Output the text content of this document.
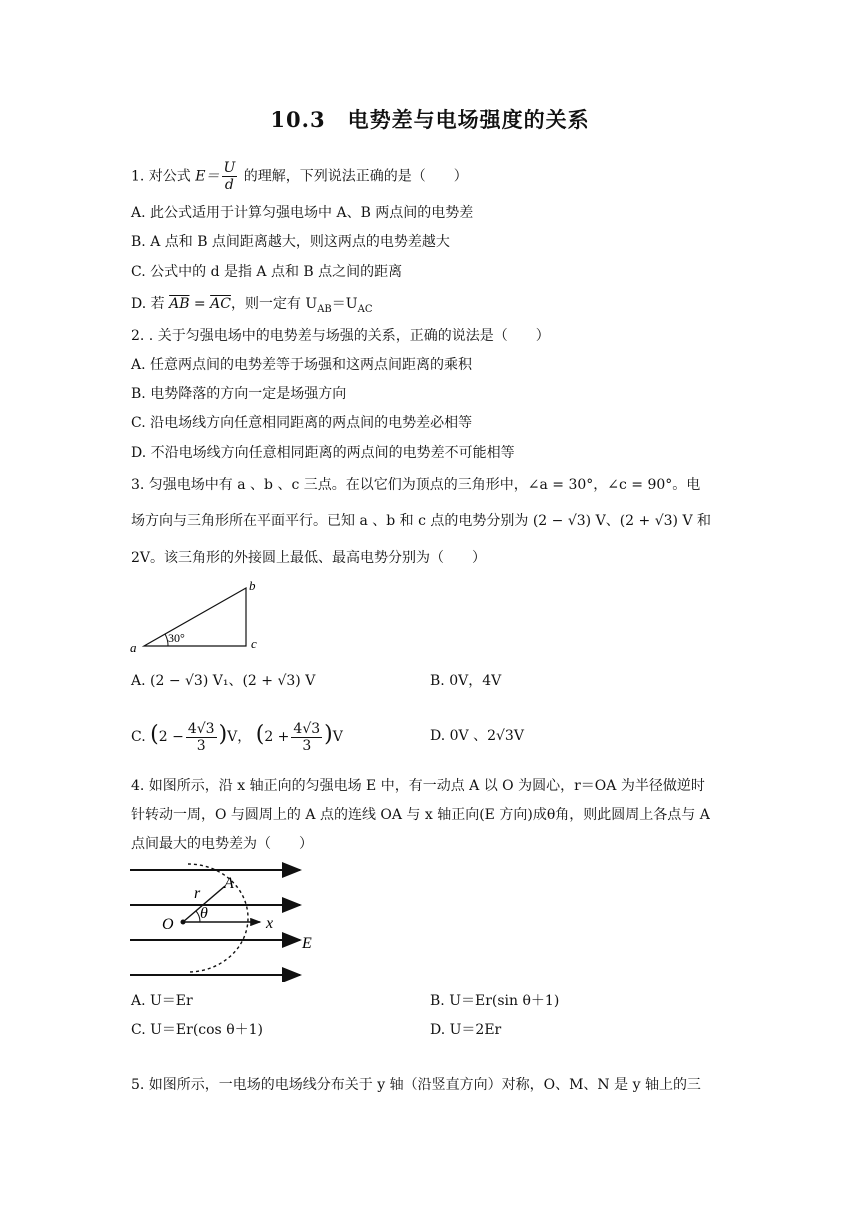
10.3　电势差与电场强度的关系
1. 对公式 $E= \frac{U}{d}$ 的理解，下列说法正确的是（　　）
A. 此公式适用于计算匀强电场中 A、B 两点间的电势差
B. A 点和 B 点间距离越大，则这两点的电势差越大
C. 公式中的 d 是指 A 点和 B 点之间的距离
D. 若 $\overline{AB} = \overline{AC}$，则一定有 $U_{AB}=U_{AC}$
2. . 关于匀强电场中的电势差与场强的关系，正确的说法是（　　）
A. 任意两点间的电势差等于场强和这两点间距离的乘积
B. 电势降落的方向一定是场强方向
C. 沿电场线方向任意相同距离的两点间的电势差必相等
D. 不沿电场线方向任意相同距离的两点间的电势差不可能相等
3. 匀强电场中有 a 、b 、c 三点。在以它们为顶点的三角形中，∠a = 30°，∠c = 90°。电
场方向与三角形所在平面平行。已知 a 、b 和 c 点的电势分别为 (2 − √3) V、(2 + √3) V 和
2V。该三角形的外接圆上最低、最高电势分别为（　　）
30°
a
b
c
A. (2 − √3) V₁、(2 + √3) V	B. 0V，4V
C. $(2 - \frac{4√3}{3} )V$， $(2 + \frac{4√3}{3} )V$	D. 0V 、2√3V
4. 如图所示，沿 x 轴正向的匀强电场 E 中，有一动点 A 以 O 为圆心，r＝OA 为半径做逆时
针转动一周，O 与圆周上的 A 点的连线 OA 与 x 轴正向(E 方向)成θ角，则此圆周上各点与 A
点间最大的电势差为（　　）
O
A
r
θ
x
E
A. U＝Er	B. U＝Er(sin θ＋1)
C. U＝Er(cos θ＋1)	D. U＝2Er
5. 如图所示，一电场的电场线分布关于 y 轴（沿竖直方向）对称，O、M、N 是 y 轴上的三
